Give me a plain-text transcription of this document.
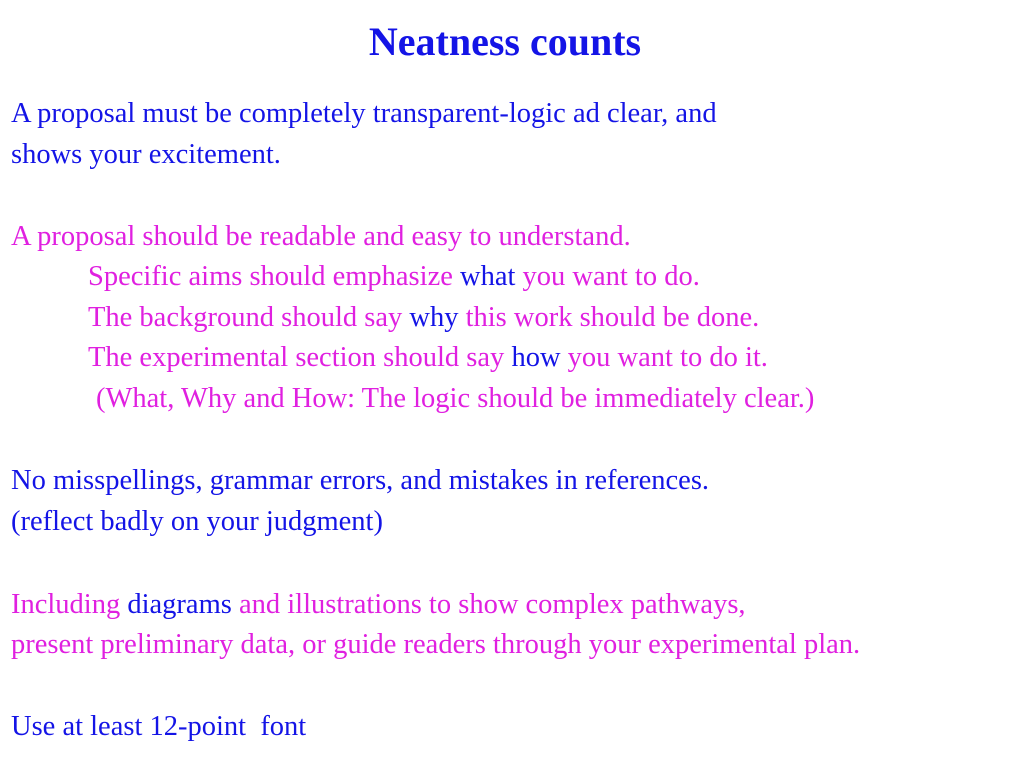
Neatness counts
A proposal must be completely transparent-logic ad clear, and
shows your excitement.
A proposal should be readable and easy to understand.
Specific aims should emphasize what you want to do.
The background should say why this work should be done.
The experimental section should say how you want to do it.
(What, Why and How: The logic should be immediately clear.)
No misspellings, grammar errors, and mistakes in references.
(reflect badly on your judgment)
Including diagrams and illustrations to show complex pathways,
present preliminary data, or guide readers through your experimental plan.
Use at least 12-point  font
